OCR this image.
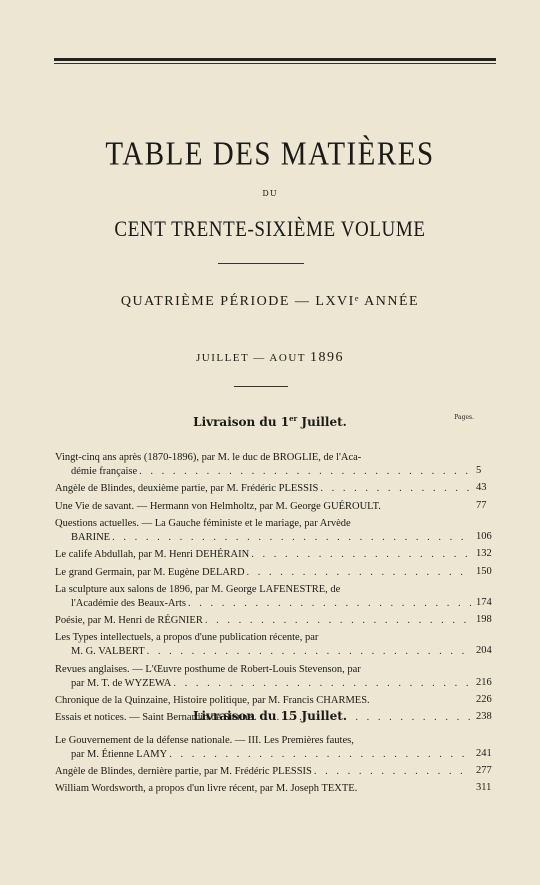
TABLE DES MATIÈRES
DU
CENT TRENTE-SIXIÈME VOLUME
QUATRIÈME PÉRIODE — LXVIᵉ ANNÉE
JUILLET — AOUT 1896
Livraison du 1er Juillet.	Pages.
Vingt-cinq ans après (1870-1896), par M. le duc de BROGLIE, de l'Aca-
démie française . . .	5
Angèle de Blindes, deuxième partie, par M. Frédéric PLESSIS . . .	43
Une Vie de savant. — Hermann von Helmholtz, par M. George GUÉROULT.	77
Questions actuelles. — La Gauche féministe et le mariage, par Arvède
BARINE . . .	106
Le calife Abdullah, par M. Henri DEHÉRAIN . . .	132
Le grand Germain, par M. Eugène DELARD . . .	150
La sculpture aux salons de 1896, par M. George LAFENESTRE, de
l'Académie des Beaux-Arts . . .	174
Poésie, par M. Henri de RÉGNIER . . .	198
Les Types intellectuels, a propos d'une publication récente, par
M. G. VALBERT . . .	204
Revues anglaises. — L'Œuvre posthume de Robert-Louis Stevenson, par
par M. T. de WYZEWA . . .	216
Chronique de la Quinzaine, Histoire politique, par M. Francis CHARMES.	226
Essais et notices. — Saint Bernardin de Sienne . . .	238
Livraison du 15 Juillet.
Le Gouvernement de la défense nationale. — III. Les Premières fautes,
par M. Étienne LAMY . . .	241
Angèle de Blindes, dernière partie, par M. Frédéric PLESSIS . . .	277
William Wordsworth, a propos d'un livre récent, par M. Joseph TEXTE.	311
